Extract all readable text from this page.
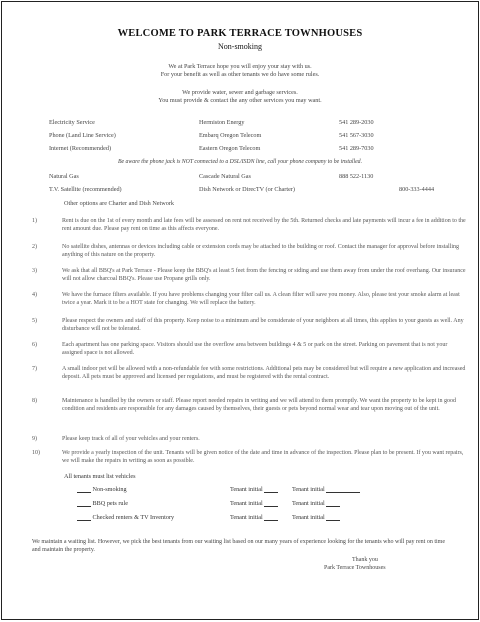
WELCOME TO PARK TERRACE TOWNHOUSES
Non-smoking
We at Park Terrace hope you will enjoy your stay with us.
For your benefit as well as other tenants we do have some rules.
We provide water, sewer and garbage services.
You must provide & contact the any other services you may want.
Electricity Service	Hermiston Energy	541 289-2030
Phone (Land Line Service)	Embarq Oregon Telecom	541 567-3030
Internet (Recommended)	Eastern Oregon Telecom	541 289-7030
Be aware the phone jack is NOT connected to a DSL/ISDN line, call your phone company to be installed.
Natural Gas	Cascade Natural Gas	888 522-1130
T.V. Satellite (recommended)	Dish Network or DirecTV (or Charter)	800-333-4444
Other options are Charter and Dish Network
1)	Rent is due on the 1st of every month and late fees will be assessed on rent not received by the 5th. Returned checks and late payments will incur a fee in addition to the rent amount due. Please pay rent on time as this affects everyone.
2)	No satellite dishes, antennas or devices including cable or extension cords may be attached to the building or roof. Contact the manager for approval before installing anything of this nature on the property.
3)	We ask that all BBQ's at Park Terrace - Please keep the BBQ's at least 5 feet from the fencing or siding and use them away from under the roof overhang. Our insurance will not allow charcoal BBQ's. Please use Propane grills only.
4)	We have the furnace filters available. If you have problems changing your filter call us. A clean filter will save you money. Also, please test your smoke alarm at least twice a year. Mark it to be a HOT state for changing. We will replace the battery.
5)	Please respect the owners and staff of this property. Keep noise to a minimum and be considerate of your neighbors at all times, this applies to your guests as well. Any disturbance will not be tolerated.
6)	Each apartment has one parking space. Visitors should use the overflow area between buildings 4 & 5 or park on the street. Parking on pavement that is not your assigned space is not allowed.
7)	A small indoor pet will be allowed with a non-refundable fee with some restrictions. Additional pets may be considered but will require a new application and increased deposit. All pets must be approved and licensed per regulations, and must be registered with the rental contract.
8)	Maintenance is handled by the owners or staff. Please report needed repairs in writing and we will attend to them promptly. We want the property to be kept in good condition and residents are responsible for any damages caused by themselves, their guests or pets beyond normal wear and tear upon moving out of the unit.
9)	Please keep track of all of your vehicles and your renters.
10)	We provide a yearly inspection of the unit. Tenants will be given notice of the date and time in advance of the inspection. Please plan to be present. If you want repairs, we will make the repairs in writing as soon as possible.
All tenants must list vehicles
Non-smoking	Tenant initial	Tenant initial
BBQ pets rule	Tenant initial	Tenant initial
Checked renters & TV Inventory	Tenant initial	Tenant initial
We maintain a waiting list. However, we pick the best tenants from our waiting list based on our many years of experience looking for the tenants who will pay rent on time and maintain the property.
Thank you
Park Terrace Townhouses
